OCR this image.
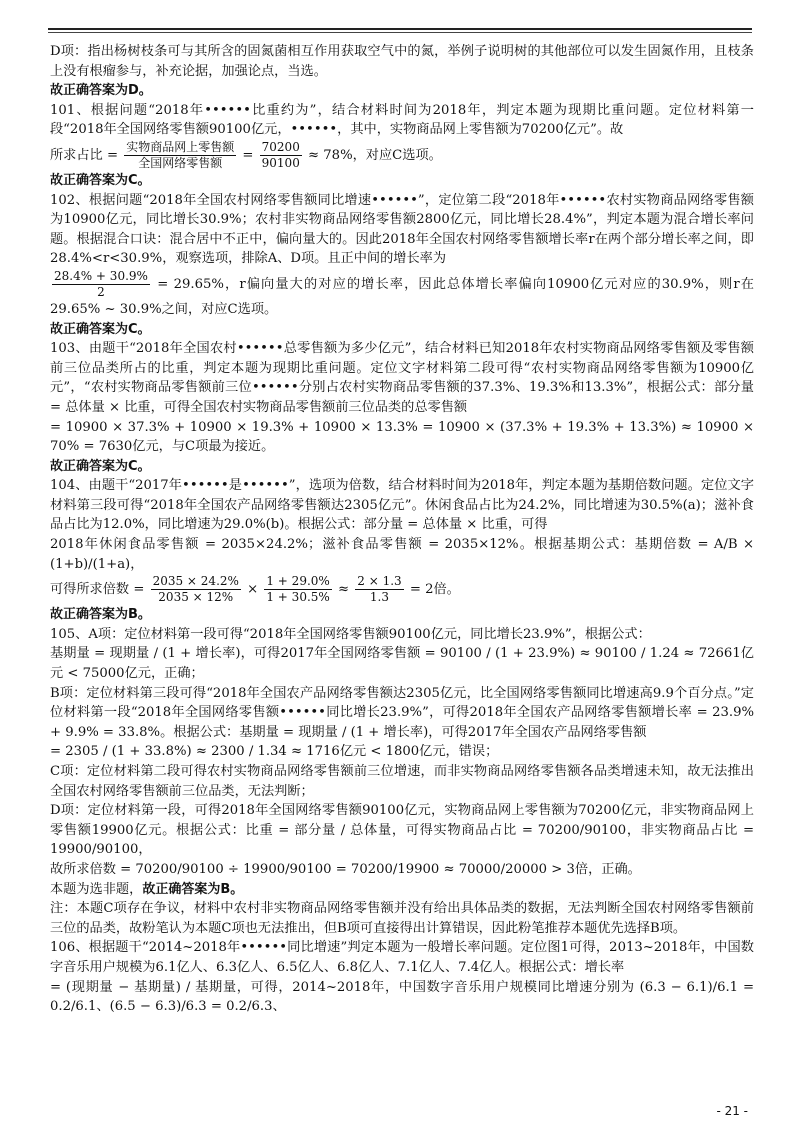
D项：指出杨树枝条可与其所含的固氮菌相互作用获取空气中的氮，举例子说明树的其他部位可以发生固氮作用，且枝条上没有根瘤参与，补充论据，加强论点，当选。

故正确答案为D。

101、根据问题“2018年••••••比重约为”，结合材料时间为2018年，判定本题为现期比重问题。定位材料第一段“2018年全国网络零售额90100亿元，••••••，其中，实物商品网上零售额为70200亿元”。故

所求占比 = $\frac{\text{实物商品网上零售额}}{\text{全国网络零售额}} = \frac{70200}{90100} \approx 78\%$，对应C选项。

故正确答案为C。

102、根据问题“2018年全国农村网络零售额同比增速••••••”，定位第二段“2018年••••••农村实物商品网络零售额为10900亿元，同比增长30.9%；农村非实物商品网络零售额2800亿元，同比增长28.4%”，判定本题为混合增长率问题。根据混合口诀：混合居中不正中，偏向量大的。因此2018年全国农村网络零售额增长率r在两个部分增长率之间，即28.4%<r<30.9%，观察选项，排除A、D项。且正中间的增长率为

$\frac{28.4\% + 30.9\%}{2} = 29.65\%$，r偏向量大的对应的增长率，因此总体增长率偏向10900亿元对应的30.9%，则r在29.65% ~ 30.9%之间，对应C选项。

故正确答案为C。

103、由题干“2018年全国农村••••••总零售额为多少亿元”，结合材料已知2018年农村实物商品网络零售额及零售额前三位品类所占的比重，判定本题为现期比重问题。定位文字材料第二段可得“农村实物商品网络零售额为10900亿元”，“农村实物商品零售额前三位••••••分别占农村实物商品零售额的37.3%、19.3%和13.3%”，根据公式：部分量 = 总体量 × 比重，可得全国农村实物商品零售额前三位品类的总零售额

= 10900 × 37.3% + 10900 × 19.3% + 10900 × 13.3% = 10900 × (37.3% + 19.3% + 13.3%) ≈ 10900 × 70% = 7630亿元，与C项最为接近。

故正确答案为C。

104、由题干“2017年••••••是••••••”，选项为倍数，结合材料时间为2018年，判定本题为基期倍数问题。定位文字材料第三段可得“2018年全国农产品网络零售额达2305亿元”。休闲食品占比为24.2%，同比增速为30.5%(a)；滋补食品占比为12.0%，同比增速为29.0%(b)。根据公式：部分量 = 总体量 × 比重，可得

2018年休闲食品零售额 = 2035×24.2%；滋补食品零售额 = 2035×12%。根据基期公式：基期倍数 = A/B × (1+b)/(1+a)，

可得所求倍数 = $\frac{2035 \times 24.2\%}{2035 \times 12\%} \times \frac{1 + 29.0\%}{1 + 30.5\%} \approx \frac{2 \times 1.3}{1.3} = 2$倍。

故正确答案为B。

105、A项：定位材料第一段可得“2018年全国网络零售额90100亿元，同比增长23.9%”，根据公式：

基期量 = 现期量 / (1 + 增长率)，可得2017年全国网络零售额 = 90100 / (1 + 23.9%) ≈ 90100 / 1.24 ≈ 72661亿元 < 75000亿元，正确；

B项：定位材料第三段可得“2018年全国农产品网络零售额达2305亿元，比全国网络零售额同比增速高9.9个百分点。”定位材料第一段“2018年全国网络零售额••••••同比增长23.9%”，可得2018年全国农产品网络零售额增长率 = 23.9% + 9.9% = 33.8%。根据公式：基期量 = 现期量 / (1 + 增长率)，可得2017年全国农产品网络零售额

= 2305 / (1 + 33.8%) ≈ 2300 / 1.34 ≈ 1716亿元 < 1800亿元，错误；

C项：定位材料第二段可得农村实物商品网络零售额前三位增速，而非实物商品网络零售额各品类增速未知，故无法推出全国农村网络零售额前三位品类，无法判断；

D项：定位材料第一段，可得2018年全国网络零售额90100亿元，实物商品网上零售额为70200亿元，非实物商品网上零售额19900亿元。根据公式：比重 = 部分量 / 总体量，可得实物商品占比 = 70200/90100，非实物商品占比 = 19900/90100，

故所求倍数 = 70200/90100 ÷ 19900/90100 = 70200/19900 ≈ 70000/20000 > 3倍，正确。

本题为选非题，故正确答案为B。

注：本题C项存在争议，材料中农村非实物商品网络零售额并没有给出具体品类的数据，无法判断全国农村网络零售额前三位的品类，故粉笔认为本题C项也无法推出，但B项可直接得出计算错误，因此粉笔推荐本题优先选择B项。

106、根据题干“2014~2018年••••••同比增速”判定本题为一般增长率问题。定位图1可得，2013~2018年，中国数字音乐用户规模为6.1亿人、6.3亿人、6.5亿人、6.8亿人、7.1亿人、7.4亿人。根据公式：增长率

= (现期量 − 基期量) / 基期量，可得，2014~2018年，中国数字音乐用户规模同比增速分别为 (6.3 − 6.1)/6.1 = 0.2/6.1、(6.5 − 6.3)/6.3 = 0.2/6.3、

- 21 -
